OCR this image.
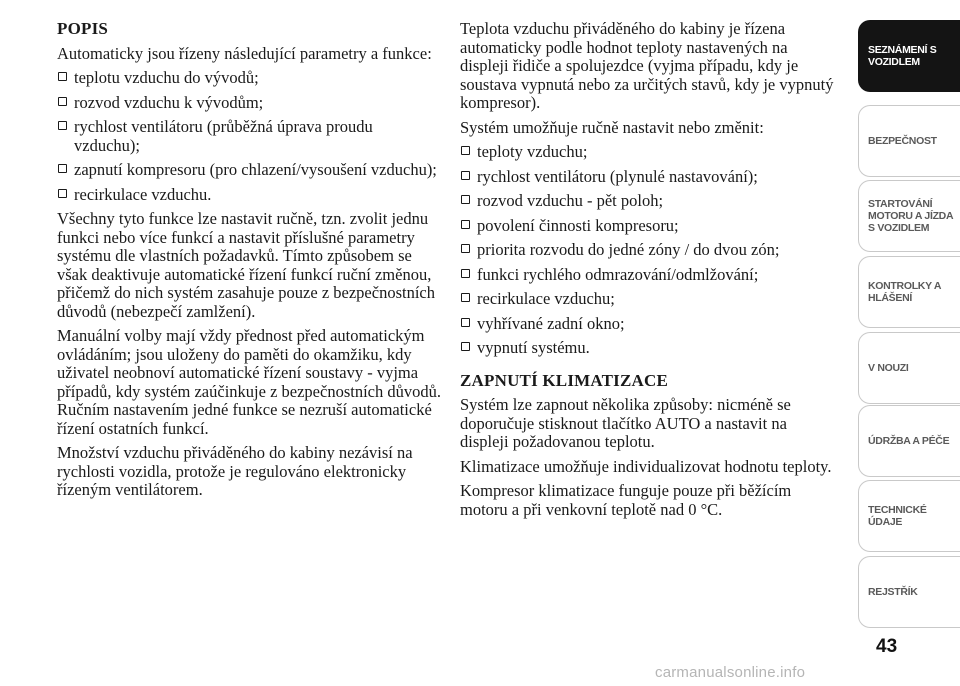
POPIS

Automaticky jsou řízeny následující parametry a funkce:

teplotu vzduchu do vývodů;
rozvod vzduchu k vývodům;
rychlost ventilátoru (průběžná úprava proudu vzduchu);
zapnutí kompresoru (pro chlazení/vysoušení vzduchu);
recirkulace vzduchu.

Všechny tyto funkce lze nastavit ručně, tzn. zvolit jednu funkci nebo více funkcí a nastavit příslušné parametry systému dle vlastních požadavků. Tímto způsobem se však deaktivuje automatické řízení funkcí ruční změnou, přičemž do nich systém zasahuje pouze z bezpečnostních důvodů (nebezpečí zamlžení).

Manuální volby mají vždy přednost před automatickým ovládáním; jsou uloženy do paměti do okamžiku, kdy uživatel neobnoví automatické řízení soustavy - vyjma případů, kdy systém zaúčinkuje z bezpečnostních důvodů. Ručním nastavením jedné funkce se nezruší automatické řízení ostatních funkcí.

Množství vzduchu přiváděného do kabiny nezávisí na rychlosti vozidla, protože je regulováno elektronicky řízeným ventilátorem.

Teplota vzduchu přiváděného do kabiny je řízena automaticky podle hodnot teploty nastavených na displeji řidiče a spolujezdce (vyjma případu, kdy je soustava vypnutá nebo za určitých stavů, kdy je vypnutý kompresor).

Systém umožňuje ručně nastavit nebo změnit:

teploty vzduchu;
rychlost ventilátoru (plynulé nastavování);
rozvod vzduchu - pět poloh;
povolení činnosti kompresoru;
priorita rozvodu do jedné zóny / do dvou zón;
funkci rychlého odmrazování/odmlžování;
recirkulace vzduchu;
vyhřívané zadní okno;
vypnutí systému.
ZAPNUTÍ KLIMATIZACE

Systém lze zapnout několika způsoby: nicméně se doporučuje stisknout tlačítko AUTO a nastavit na displeji požadovanou teplotu.

Klimatizace umožňuje individualizovat hodnotu teploty.

Kompresor klimatizace funguje pouze při běžícím motoru a při venkovní teplotě nad 0 °C.

SEZNÁMENÍ S
VOZIDLEM
BEZPEČNOST
STARTOVÁNÍ
MOTORU A JÍZDA
S VOZIDLEM
KONTROLKY A
HLÁŠENÍ
V NOUZI
ÚDRŽBA A PÉČE
TECHNICKÉ
ÚDAJE
REJSTŘÍK
43
carmanualsonline.info
